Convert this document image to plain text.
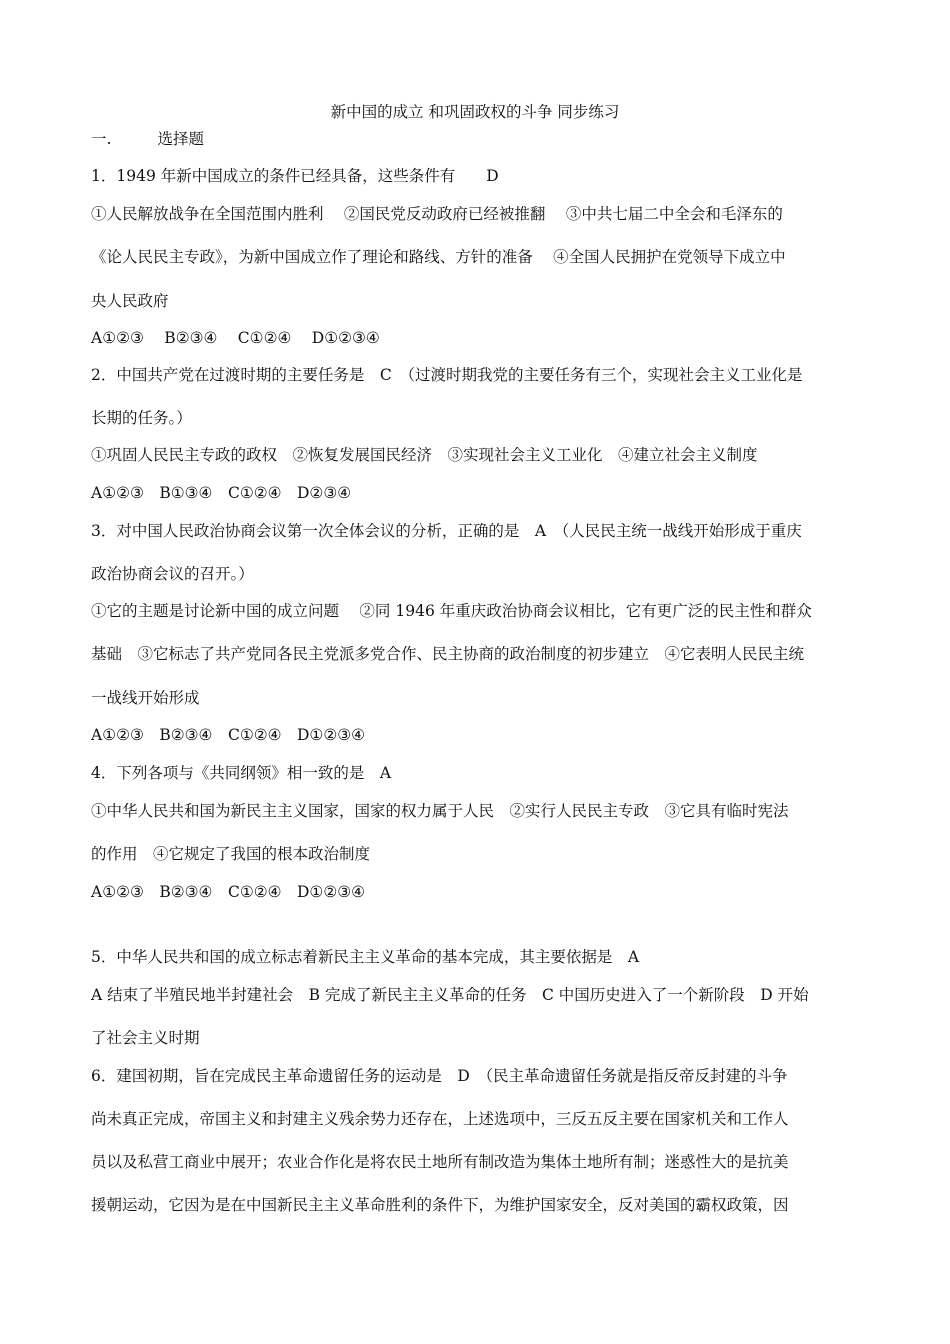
新中国的成立 和巩固政权的斗争 同步练习
一.	选择题
1．1949 年新中国成立的条件已经具备，这些条件有　　D
①人民解放战争在全国范围内胜利　 ②国民党反动政府已经被推翻　 ③中共七届二中全会和毛泽东的
《论人民民主专政》，为新中国成立作了理论和路线、方针的准备　 ④全国人民拥护在党领导下成立中
央人民政府
A①②③　 B②③④　 C①②④　 D①②③④
2．中国共产党在过渡时期的主要任务是　C　（过渡时期我党的主要任务有三个，实现社会主义工业化是
长期的任务。）
①巩固人民民主专政的政权　②恢复发展国民经济　③实现社会主义工业化　④建立社会主义制度
A①②③　B①③④　C①②④　D②③④
3．对中国人民政治协商会议第一次全体会议的分析，正确的是　A　（人民民主统一战线开始形成于重庆
政治协商会议的召开。）
①它的主题是讨论新中国的成立问题　 ②同 1946 年重庆政治协商会议相比，它有更广泛的民主性和群众
基础　③它标志了共产党同各民主党派多党合作、民主协商的政治制度的初步建立　④它表明人民民主统
一战线开始形成
A①②③　B②③④　C①②④　D①②③④
4．下列各项与《共同纲领》相一致的是　A
①中华人民共和国为新民主主义国家，国家的权力属于人民　②实行人民民主专政　③它具有临时宪法
的作用　④它规定了我国的根本政治制度
A①②③　B②③④　C①②④　D①②③④
5．中华人民共和国的成立标志着新民主主义革命的基本完成，其主要依据是　A
A 结束了半殖民地半封建社会　B 完成了新民主主义革命的任务　C 中国历史进入了一个新阶段　D 开始
了社会主义时期
6．建国初期，旨在完成民主革命遗留任务的运动是　D　（民主革命遗留任务就是指反帝反封建的斗争
尚未真正完成，帝国主义和封建主义残余势力还存在，上述选项中，三反五反主要在国家机关和工作人
员以及私营工商业中展开；农业合作化是将农民土地所有制改造为集体土地所有制；迷惑性大的是抗美
援朝运动，它因为是在中国新民主主义革命胜利的条件下，为维护国家安全，反对美国的霸权政策，因
